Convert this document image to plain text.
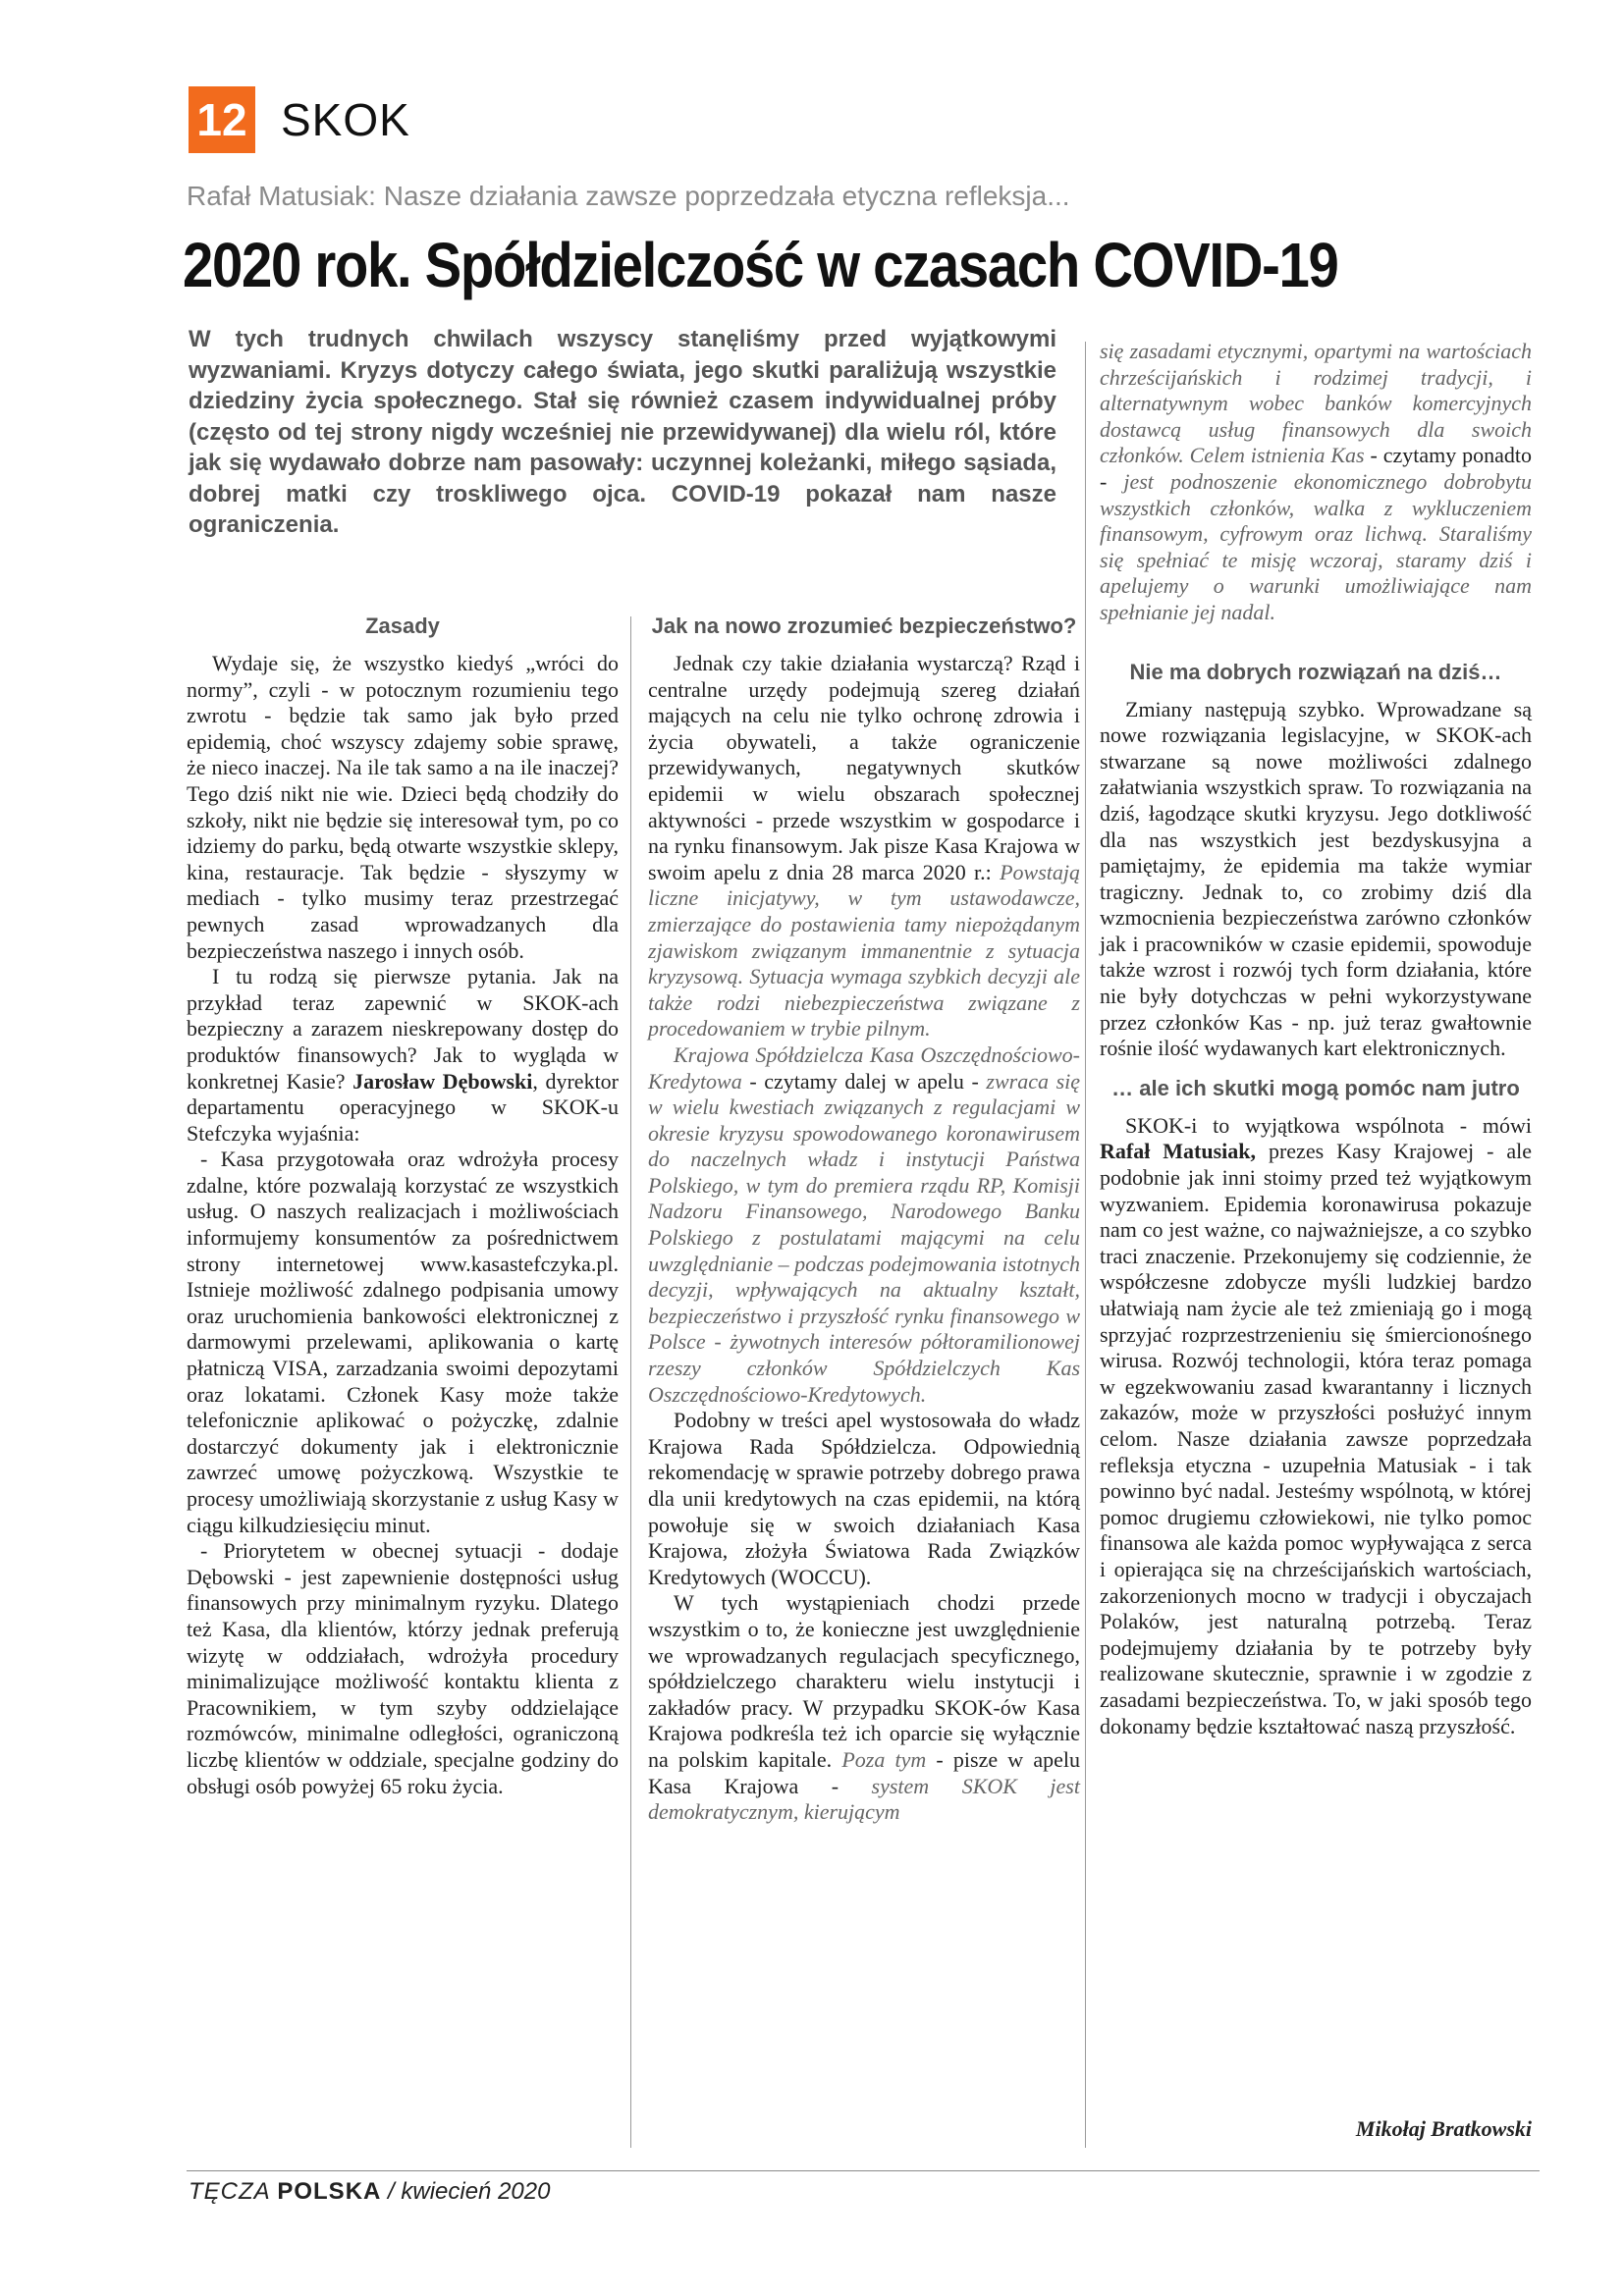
12 SKOK
Rafał Matusiak: Nasze działania zawsze poprzedzała etyczna refleksja...
2020 rok. Spółdzielczość w czasach COVID-19
W tych trudnych chwilach wszyscy stanęliśmy przed wyjątkowymi wyzwaniami. Kryzys dotyczy całego świata, jego skutki paraliżują wszystkie dziedziny życia społecznego. Stał się również czasem indywidualnej próby (często od tej strony nigdy wcześniej nie przewidywanej) dla wielu ról, które jak się wydawało dobrze nam pasowały: uczynnej koleżanki, miłego sąsiada, dobrej matki czy troskliwego ojca. COVID-19 pokazał nam nasze ograniczenia.
Zasady

Wydaje się, że wszystko kiedyś „wróci do normy”, czyli - w potocznym rozumieniu tego zwrotu - będzie tak samo jak było przed epidemią, choć wszyscy zdajemy sobie sprawę, że nieco inaczej. Na ile tak samo a na ile inaczej? Tego dziś nikt nie wie. Dzieci będą chodziły do szkoły, nikt nie będzie się interesował tym, po co idziemy do parku, będą otwarte wszystkie sklepy, kina, restauracje. Tak będzie - słyszymy w mediach - tylko musimy teraz przestrzegać pewnych zasad wprowadzanych dla bezpieczeństwa naszego i innych osób.

I tu rodzą się pierwsze pytania. Jak na przykład teraz zapewnić w SKOK-ach bezpieczny a zarazem nieskrepowany dostęp do produktów finansowych? Jak to wygląda w konkretnej Kasie? Jarosław Dębowski, dyrektor departamentu operacyjnego w SKOK-u Stefczyka wyjaśnia:

- Kasa przygotowała oraz wdrożyła procesy zdalne, które pozwalają korzystać ze wszystkich usług. O naszych realizacjach i możliwościach informujemy konsumentów za pośrednictwem strony internetowej www.kasastefczyka.pl. Istnieje możliwość zdalnego podpisania umowy oraz uruchomienia bankowości elektronicznej z darmowymi przelewami, aplikowania o kartę płatniczą VISA, zarzadzania swoimi depozytami oraz lokatami. Członek Kasy może także telefonicznie aplikować o pożyczkę, zdalnie dostarczyć dokumenty jak i elektronicznie zawrzeć umowę pożyczkową. Wszystkie te procesy umożliwiają skorzystanie z usług Kasy w ciągu kilkudziesięciu minut.

- Priorytetem w obecnej sytuacji - dodaje Dębowski - jest zapewnienie dostępności usług finansowych przy minimalnym ryzyku. Dlatego też Kasa, dla klientów, którzy jednak preferują wizytę w oddziałach, wdrożyła procedury minimalizujące możliwość kontaktu klienta z Pracownikiem, w tym szyby oddzielające rozmówców, minimalne odległości, ograniczoną liczbę klientów w oddziale, specjalne godziny do obsługi osób powyżej 65 roku życia.

Jak na nowo zrozumieć bezpieczeństwo?

Jednak czy takie działania wystarczą? Rząd i centralne urzędy podejmują szereg działań mających na celu nie tylko ochronę zdrowia i życia obywateli, a także ograniczenie przewidywanych, negatywnych skutków epidemii w wielu obszarach społecznej aktywności - przede wszystkim w gospodarce i na rynku finansowym. Jak pisze Kasa Krajowa w swoim apelu z dnia 28 marca 2020 r.: Powstają liczne inicjatywy, w tym ustawodawcze, zmierzające do postawienia tamy niepożądanym zjawiskom związanym immanentnie z sytuacja kryzysową. Sytuacja wymaga szybkich decyzji ale także rodzi niebezpieczeństwa związane z procedowaniem w trybie pilnym.

Krajowa Spółdzielcza Kasa Oszczędnościowo-Kredytowa - czytamy dalej w apelu - zwraca się w wielu kwestiach związanych z regulacjami w okresie kryzysu spowodowanego koronawirusem do naczelnych władz i instytucji Państwa Polskiego, w tym do premiera rządu RP, Komisji Nadzoru Finansowego, Narodowego Banku Polskiego z postulatami mającymi na celu uwzględnianie – podczas podejmowania istotnych decyzji, wpływających na aktualny kształt, bezpieczeństwo i przyszłość rynku finansowego w Polsce - żywotnych interesów półtoramilionowej rzeszy członków Spółdzielczych Kas Oszczędnościowo-Kredytowych.

Podobny w treści apel wystosowała do władz Krajowa Rada Spółdzielcza. Odpowiednią rekomendację w sprawie potrzeby dobrego prawa dla unii kredytowych na czas epidemii, na którą powołuje się w swoich działaniach Kasa Krajowa, złożyła Światowa Rada Związków Kredytowych (WOCCU).

W tych wystąpieniach chodzi przede wszystkim o to, że konieczne jest uwzględnienie we wprowadzanych regulacjach specyficznego, spółdzielczego charakteru wielu instytucji i zakładów pracy. W przypadku SKOK-ów Kasa Krajowa podkreśla też ich oparcie się wyłącznie na polskim kapitale. Poza tym - pisze w apelu Kasa Krajowa - system SKOK jest demokratycznym, kierującym

się zasadami etycznymi, opartymi na wartościach chrześcijańskich i rodzimej tradycji, i alternatywnym wobec banków komercyjnych dostawcą usług finansowych dla swoich członków. Celem istnienia Kas - czytamy ponadto - jest podnoszenie ekonomicznego dobrobytu wszystkich członków, walka z wykluczeniem finansowym, cyfrowym oraz lichwą. Staraliśmy się spełniać te misję wczoraj, staramy dziś i apelujemy o warunki umożliwiające nam spełnianie jej nadal.

Nie ma dobrych rozwiązań na dziś…

Zmiany następują szybko. Wprowadzane są nowe rozwiązania legislacyjne, w SKOK-ach stwarzane są nowe możliwości zdalnego załatwiania wszystkich spraw. To rozwiązania na dziś, łagodzące skutki kryzysu. Jego dotkliwość dla nas wszystkich jest bezdyskusyjna a pamiętajmy, że epidemia ma także wymiar tragiczny. Jednak to, co zrobimy dziś dla wzmocnienia bezpieczeństwa zarówno członków jak i pracowników w czasie epidemii, spowoduje także wzrost i rozwój tych form działania, które nie były dotychczas w pełni wykorzystywane przez członków Kas - np. już teraz gwałtownie rośnie ilość wydawanych kart elektronicznych.

… ale ich skutki mogą pomóc nam jutro

SKOK-i to wyjątkowa wspólnota - mówi Rafał Matusiak, prezes Kasy Krajowej - ale podobnie jak inni stoimy przed też wyjątkowym wyzwaniem. Epidemia koronawirusa pokazuje nam co jest ważne, co najważniejsze, a co szybko traci znaczenie. Przekonujemy się codziennie, że współczesne zdobycze myśli ludzkiej bardzo ułatwiają nam życie ale też zmieniają go i mogą sprzyjać rozprzestrzenieniu się śmiercionośnego wirusa. Rozwój technologii, która teraz pomaga w egzekwowaniu zasad kwarantanny i licznych zakazów, może w przyszłości posłużyć innym celom. Nasze działania zawsze poprzedzała refleksja etyczna - uzupełnia Matusiak - i tak powinno być nadal. Jesteśmy wspólnotą, w której pomoc drugiemu człowiekowi, nie tylko pomoc finansowa ale każda pomoc wypływająca z serca i opierająca się na chrześcijańskich wartościach, zakorzenionych mocno w tradycji i obyczajach Polaków, jest naturalną potrzebą. Teraz podejmujemy działania by te potrzeby były realizowane skutecznie, sprawnie i w zgodzie z zasadami bezpieczeństwa. To, w jaki sposób tego dokonamy będzie kształtować naszą przyszłość.

Mikołaj Bratkowski
TĘCZA POLSKA / kwiecień 2020
